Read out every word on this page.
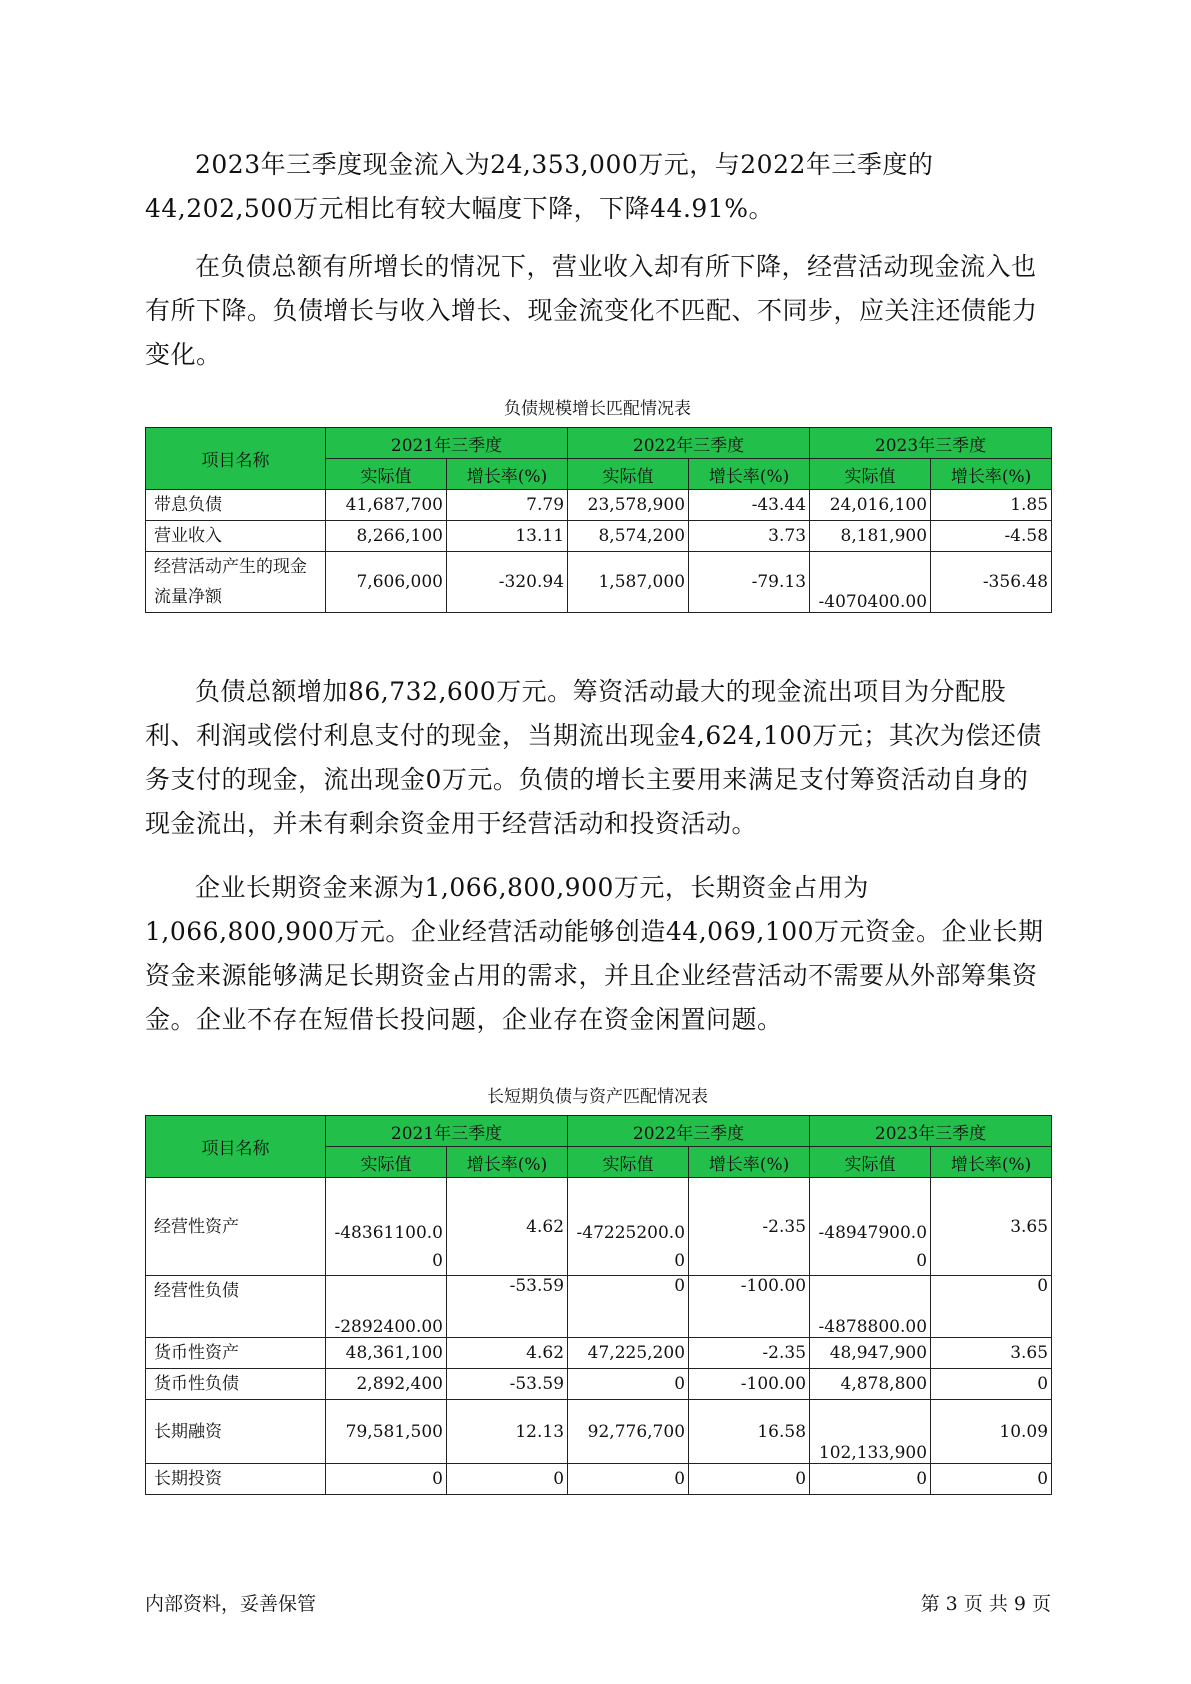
2023年三季度现金流入为24,353,000万元，与2022年三季度的44,202,500万元相比有较大幅度下降，下降44.91%。

在负债总额有所增长的情况下，营业收入却有所下降，经营活动现金流入也有所下降。负债增长与收入增长、现金流变化不匹配、不同步，应关注还债能力变化。

负债规模增长匹配情况表
项目名称	2021年三季度		2022年三季度		2023年三季度	
	实际值	增长率(%)	实际值	增长率(%)	实际值	增长率(%)
带息负债	41,687,700	7.79	23,578,900	-43.44	24,016,100	1.85
营业收入	8,266,100	13.11	8,574,200	3.73	8,181,900	-4.58
经营活动产生的现金流量净额	7,606,000	-320.94	1,587,000	-79.13	-4070400.00	-356.48

负债总额增加86,732,600万元。筹资活动最大的现金流出项目为分配股利、利润或偿付利息支付的现金，当期流出现金4,624,100万元；其次为偿还债务支付的现金，流出现金0万元。负债的增长主要用来满足支付筹资活动自身的现金流出，并未有剩余资金用于经营活动和投资活动。

企业长期资金来源为1,066,800,900万元，长期资金占用为1,066,800,900万元。企业经营活动能够创造44,069,100万元资金。企业长期资金来源能够满足长期资金占用的需求，并且企业经营活动不需要从外部筹集资金。企业不存在短借长投问题，企业存在资金闲置问题。

长短期负债与资产匹配情况表
项目名称	2021年三季度		2022年三季度		2023年三季度	
	实际值	增长率(%)	实际值	增长率(%)	实际值	增长率(%)
经营性资产	-48361100.00	4.62	-47225200.00	-2.35	-48947900.00	3.65
经营性负债	-2892400.00	-53.59	0	-100.00	-4878800.00	0
货币性资产	48,361,100	4.62	47,225,200	-2.35	48,947,900	3.65
货币性负债	2,892,400	-53.59	0	-100.00	4,878,800	0
长期融资	79,581,500	12.13	92,776,700	16.58	102,133,900	10.09
长期投资	0	0	0	0	0	0
内部资料，妥善保管	第 3 页 共 9 页
